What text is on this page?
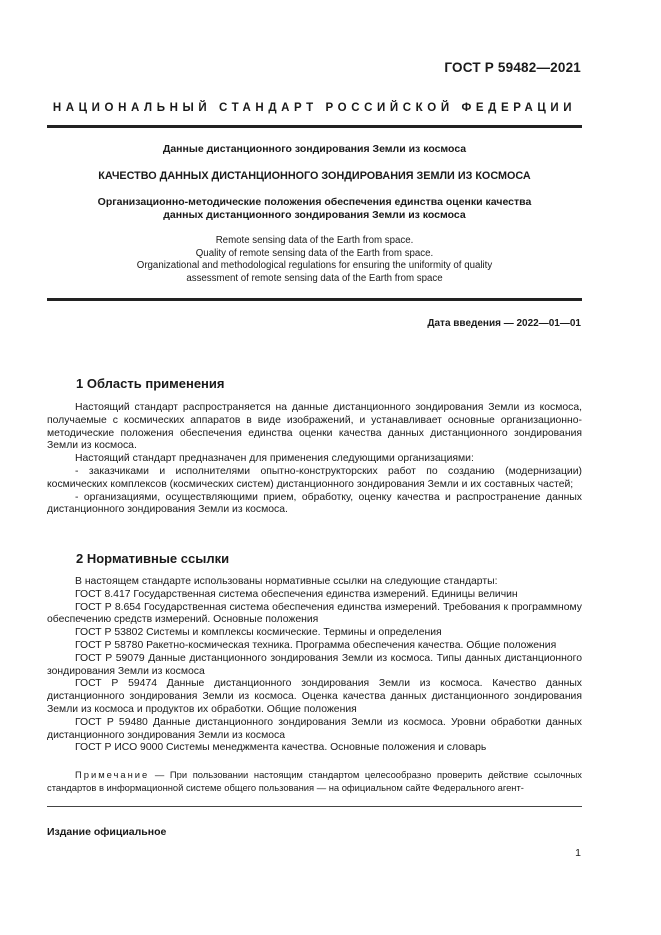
ГОСТ Р 59482—2021
НАЦИОНАЛЬНЫЙ СТАНДАРТ РОССИЙСКОЙ ФЕДЕРАЦИИ
Данные дистанционного зондирования Земли из космоса
КАЧЕСТВО ДАННЫХ ДИСТАНЦИОННОГО ЗОНДИРОВАНИЯ ЗЕМЛИ ИЗ КОСМОСА
Организационно-методические положения обеспечения единства оценки качества
данных дистанционного зондирования Земли из космоса
Remote sensing data of the Earth from space.
Quality of remote sensing data of the Earth from space.
Organizational and methodological regulations for ensuring the uniformity of quality
assessment of remote sensing data of the Earth from space
Дата введения — 2022—01—01
1 Область применения

Настоящий стандарт распространяется на данные дистанционного зондирования Земли из космоса, получаемые с космических аппаратов в виде изображений, и устанавливает основные организационно-методические положения обеспечения единства оценки качества данных дистанционного зондирования Земли из космоса.

Настоящий стандарт предназначен для применения следующими организациями:

- заказчиками и исполнителями опытно-конструкторских работ по созданию (модернизации) космических комплексов (космических систем) дистанционного зондирования Земли и их составных частей;

- организациями, осуществляющими прием, обработку, оценку качества и распространение данных дистанционного зондирования Земли из космоса.

2 Нормативные ссылки

В настоящем стандарте использованы нормативные ссылки на следующие стандарты:

ГОСТ 8.417 Государственная система обеспечения единства измерений. Единицы величин

ГОСТ Р 8.654 Государственная система обеспечения единства измерений. Требования к программному обеспечению средств измерений. Основные положения

ГОСТ Р 53802 Системы и комплексы космические. Термины и определения

ГОСТ Р 58780 Ракетно-космическая техника. Программа обеспечения качества. Общие положения

ГОСТ Р 59079 Данные дистанционного зондирования Земли из космоса. Типы данных дистанционного зондирования Земли из космоса

ГОСТ Р 59474 Данные дистанционного зондирования Земли из космоса. Качество данных дистанционного зондирования Земли из космоса. Оценка качества данных дистанционного зондирования Земли из космоса и продуктов их обработки. Общие положения

ГОСТ Р 59480 Данные дистанционного зондирования Земли из космоса. Уровни обработки данных дистанционного зондирования Земли из космоса

ГОСТ Р ИСО 9000 Системы менеджмента качества. Основные положения и словарь

Примечание — При пользовании настоящим стандартом целесообразно проверить действие ссылочных стандартов в информационной системе общего пользования — на официальном сайте Федерального агент-
Издание официальное
1
